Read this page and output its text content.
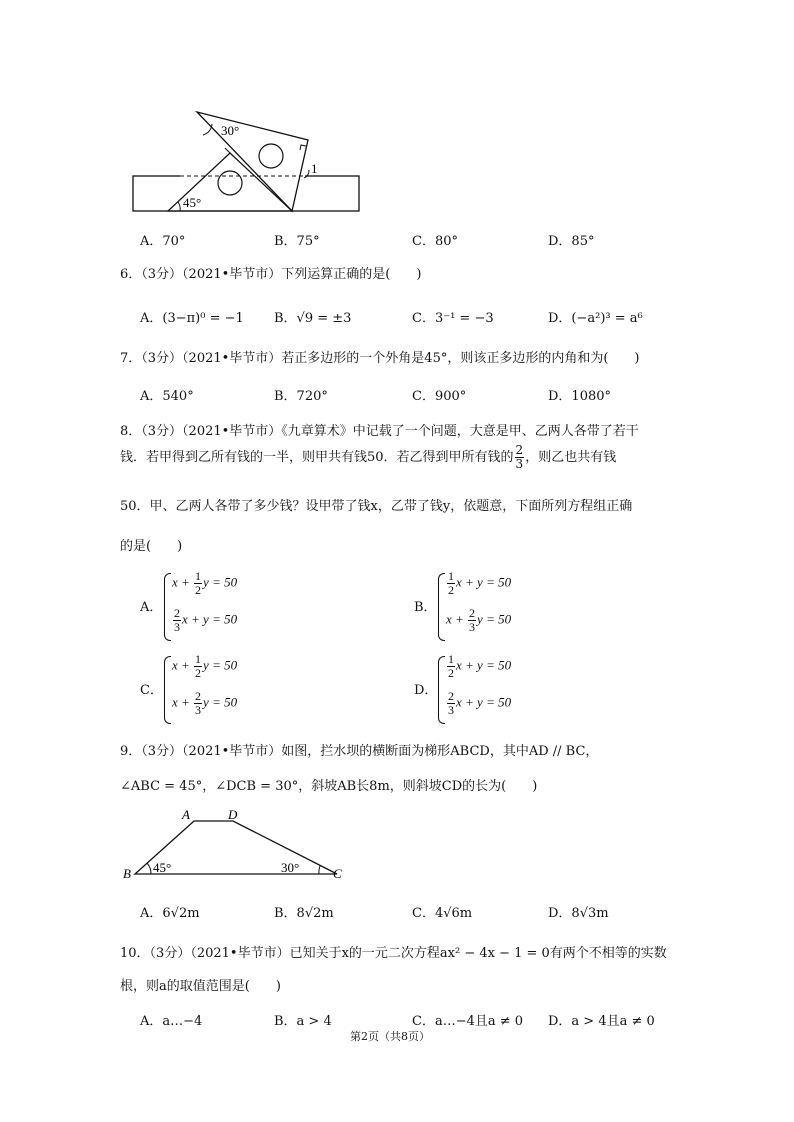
30°
45°
1
A．70°	B．75°	C．80°	D．85°
6．（3分）（2021•毕节市）下列运算正确的是(　　)
A．(3−π)⁰ = −1 B．√9 = ±3	C．3⁻¹ = −3	D．(−a²)³ = a⁶
7．（3分）（2021•毕节市）若正多边形的一个外角是45°，则该正多边形的内角和为(　　)
A．540°	B．720°	C．900°	D．1080°
8．（3分）（2021•毕节市）《九章算术》中记载了一个问题，大意是甲、乙两人各带了若干
钱．若甲得到乙所有钱的一半，则甲共有钱50．若乙得到甲所有钱的 $\frac{2}{3}$ ，则乙也共有钱
50．甲、乙两人各带了多少钱？设甲带了钱x，乙带了钱y，依题意，下面所列方程组正确
的是(　　)
A．
$x + \frac{1}{2}$ y = 50
$\frac{2}{3}$ x + y = 50
B．
$\frac{1}{2}$ x + y = 50
$x + \frac{2}{3}$ y = 50
C．
$x + \frac{1}{2}$ y = 50
$x + \frac{2}{3}$ y = 50
D．
$\frac{1}{2}$ x + y = 50
$\frac{2}{3}$ x + y = 50
9．（3分）（2021•毕节市）如图，拦水坝的横断面为梯形ABCD，其中AD // BC，
∠ABC = 45°，∠DCB = 30°，斜坡AB长8m，则斜坡CD的长为(　　)
A	D
B	C
45°	30°
A．6√2m	B．8√2m	C．4√6m	D．8√3m
10．（3分）（2021•毕节市）已知关于x的一元二次方程ax² − 4x − 1 = 0有两个不相等的实数
根，则a的取值范围是(　　)
A．a…−4	B．a > 4	C．a…−4且a ≠ 0 D．a > 4且a ≠ 0
第2页（共8页）
